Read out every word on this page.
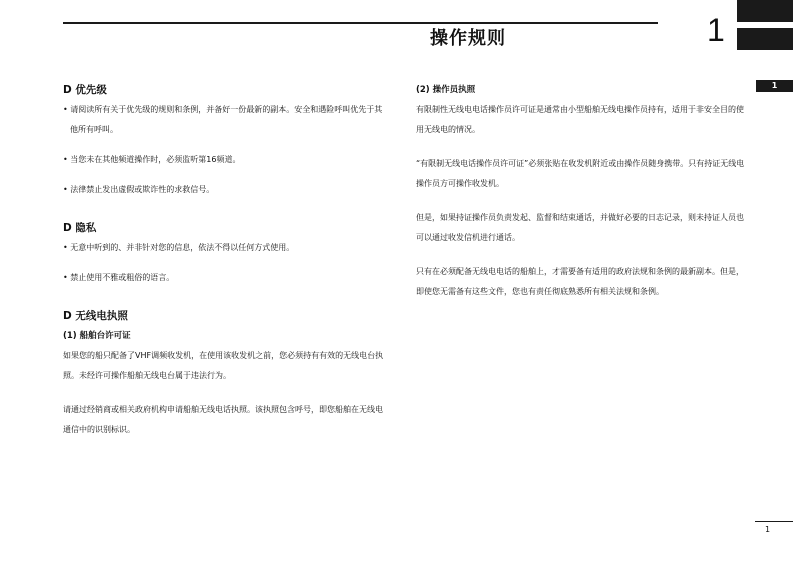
操作规则	1
1
D 优先级

• 请阅读所有关于优先级的规则和条例，并备好一份最新的副本。安全和遇险呼叫优先于其他所有呼叫。

• 当您未在其他频道操作时，必须监听第16频道。

• 法律禁止发出虚假或欺诈性的求救信号。

D 隐私

• 无意中听到的、并非针对您的信息，依法不得以任何方式使用。

• 禁止使用不雅或粗俗的语言。

D 无线电执照
(1) 船舶台许可证

如果您的船只配备了VHF调频收发机，在使用该收发机之前，您必须持有有效的无线电台执照。未经许可操作船舶无线电台属于违法行为。

请通过经销商或相关政府机构申请船舶无线电话执照。该执照包含呼号，即您船舶在无线电通信中的识别标识。

(2) 操作员执照

有限制性无线电电话操作员许可证是通常由小型船舶无线电操作员持有，适用于非安全目的使用无线电的情况。

“有限制无线电话操作员许可证”必须张贴在收发机附近或由操作员随身携带。只有持证无线电操作员方可操作收发机。

但是，如果持证操作员负责发起、监督和结束通话，并做好必要的日志记录，则未持证人员也可以通过收发信机进行通话。

只有在必须配备无线电电话的船舶上，才需要备有适用的政府法规和条例的最新副本。但是，即使您无需备有这些文件，您也有责任彻底熟悉所有相关法规和条例。

1
